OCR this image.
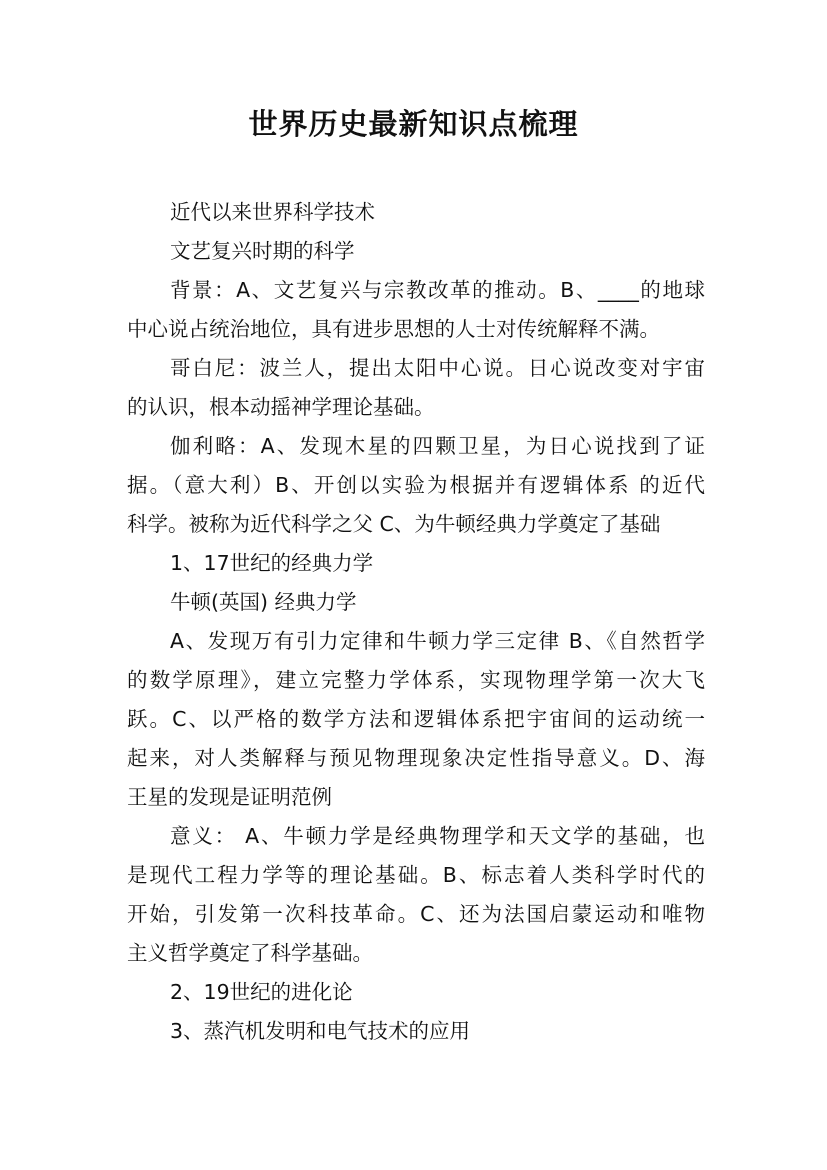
世界历史最新知识点梳理
近代以来世界科学技术
文艺复兴时期的科学
背景：A、文艺复兴与宗教改革的推动。B、____的地球
中心说占统治地位，具有进步思想的人士对传统解释不满。
哥白尼：波兰人，提出太阳中心说。日心说改变对宇宙
的认识，根本动摇神学理论基础。
伽利略：A、发现木星的四颗卫星，为日心说找到了证
据。（意大利）B、开创以实验为根据并有逻辑体系 的近代
科学。被称为近代科学之父 C、为牛顿经典力学奠定了基础
1、17世纪的经典力学
牛顿(英国) 经典力学
A、发现万有引力定律和牛顿力学三定律 B、《自然哲学
的数学原理》，建立完整力学体系，实现物理学第一次大飞
跃。C、以严格的数学方法和逻辑体系把宇宙间的运动统一
起来，对人类解释与预见物理现象决定性指导意义。D、海
王星的发现是证明范例
意义： A、牛顿力学是经典物理学和天文学的基础，也
是现代工程力学等的理论基础。B、标志着人类科学时代的
开始，引发第一次科技革命。C、还为法国启蒙运动和唯物
主义哲学奠定了科学基础。
2、19世纪的进化论
3、蒸汽机发明和电气技术的应用
